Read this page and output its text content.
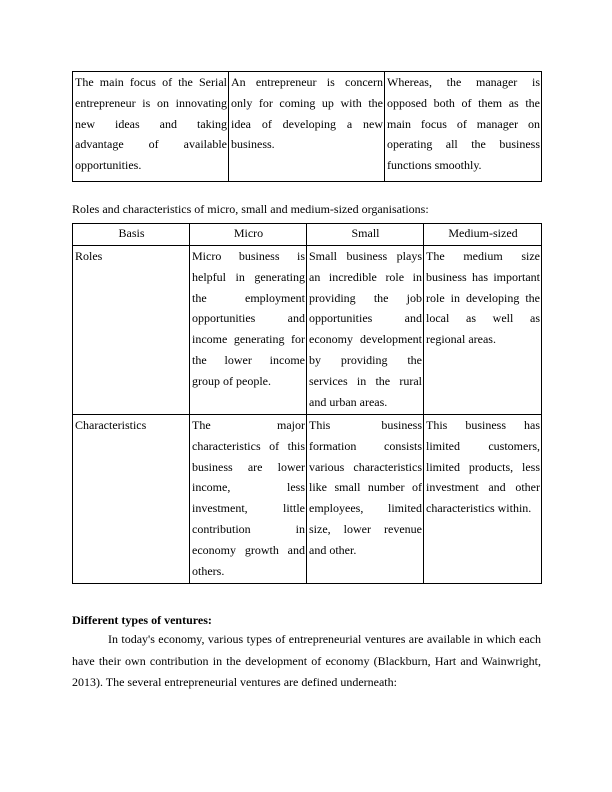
The main focus of the Serial entrepreneur is on innovating new ideas and taking advantage of available opportunities.	An entrepreneur is concern only for coming up with the idea of developing a new business.	Whereas, the manager is opposed both of them as the main focus of manager on operating all the business functions smoothly.
Roles and characteristics of micro, small and medium-sized organisations:
Basis	Micro	Small	Medium-sized
Roles	Micro business is helpful in generating the employment opportunities and income generating for the lower income group of people.	Small business plays an incredible role in providing the job opportunities and economy development by providing the services in the rural and urban areas.	The medium size business has important role in developing the local as well as regional areas.
Characteristics	The major characteristics of this business are lower income, less investment, little contribution in economy growth and others.	This business formation consists various characteristics like small number of employees, limited size, lower revenue and other.	This business has limited customers, limited products, less investment and other characteristics within.
Different types of ventures:
In today's economy, various types of entrepreneurial ventures are available in which each have their own contribution in the development of economy (Blackburn, Hart and Wainwright, 2013). The several entrepreneurial ventures are defined underneath:
